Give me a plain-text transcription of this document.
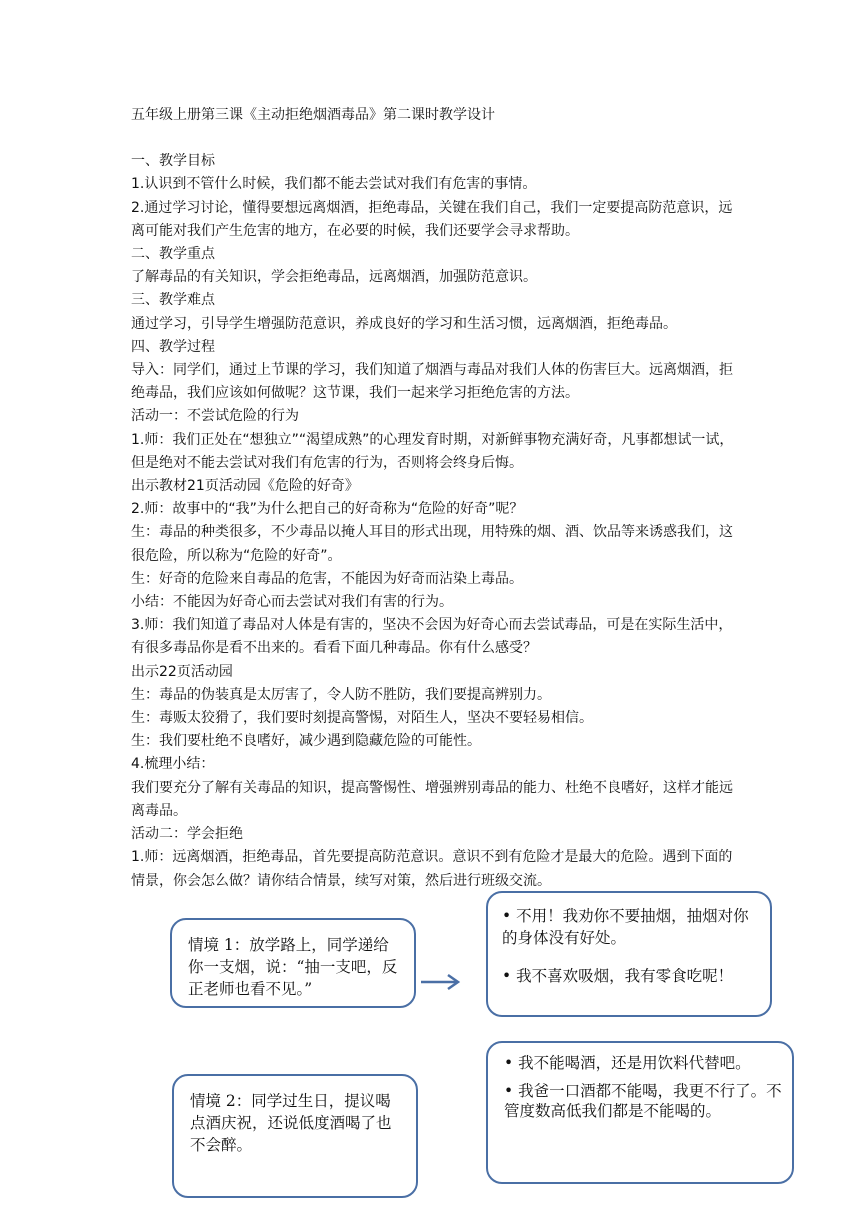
五年级上册第三课《主动拒绝烟酒毒品》第二课时教学设计

一、教学目标

1.认识到不管什么时候，我们都不能去尝试对我们有危害的事情。

2.通过学习讨论，懂得要想远离烟酒，拒绝毒品，关键在我们自己，我们一定要提高防范意识，远离可能对我们产生危害的地方，在必要的时候，我们还要学会寻求帮助。

二、教学重点

了解毒品的有关知识，学会拒绝毒品，远离烟酒，加强防范意识。

三、教学难点

通过学习，引导学生增强防范意识，养成良好的学习和生活习惯，远离烟酒，拒绝毒品。

四、教学过程

导入：同学们，通过上节课的学习，我们知道了烟酒与毒品对我们人体的伤害巨大。远离烟酒，拒绝毒品，我们应该如何做呢？这节课，我们一起来学习拒绝危害的方法。

活动一：不尝试危险的行为

1.师：我们正处在“想独立”“渴望成熟”的心理发育时期，对新鲜事物充满好奇，凡事都想试一试，但是绝对不能去尝试对我们有危害的行为，否则将会终身后悔。

出示教材21页活动园《危险的好奇》

2.师：故事中的“我”为什么把自己的好奇称为“危险的好奇”呢？

生：毒品的种类很多，不少毒品以掩人耳目的形式出现，用特殊的烟、酒、饮品等来诱惑我们，这很危险，所以称为“危险的好奇”。

生：好奇的危险来自毒品的危害，不能因为好奇而沾染上毒品。

小结：不能因为好奇心而去尝试对我们有害的行为。

3.师：我们知道了毒品对人体是有害的，坚决不会因为好奇心而去尝试毒品，可是在实际生活中，有很多毒品你是看不出来的。看看下面几种毒品。你有什么感受？

出示22页活动园

生：毒品的伪装真是太厉害了，令人防不胜防，我们要提高辨别力。

生：毒贩太狡猾了，我们要时刻提高警惕，对陌生人，坚决不要轻易相信。

生：我们要杜绝不良嗜好，减少遇到隐藏危险的可能性。

4.梳理小结：

我们要充分了解有关毒品的知识，提高警惕性、增强辨别毒品的能力、杜绝不良嗜好，这样才能远离毒品。

活动二：学会拒绝

1.师：远离烟酒，拒绝毒品，首先要提高防范意识。意识不到有危险才是最大的危险。遇到下面的情景，你会怎么做？请你结合情景，续写对策，然后进行班级交流。

情境 1：放学路上，同学递给你一支烟，说：“抽一支吧，反正老师也看不见。”

• 不用！我劝你不要抽烟，抽烟对你的身体没有好处。

• 我不喜欢吸烟，我有零食吃呢！

情境 2：同学过生日，提议喝点酒庆祝，还说低度酒喝了也不会醉。

• 我不能喝酒，还是用饮料代替吧。

• 我爸一口酒都不能喝，我更不行了。不管度数高低我们都是不能喝的。
